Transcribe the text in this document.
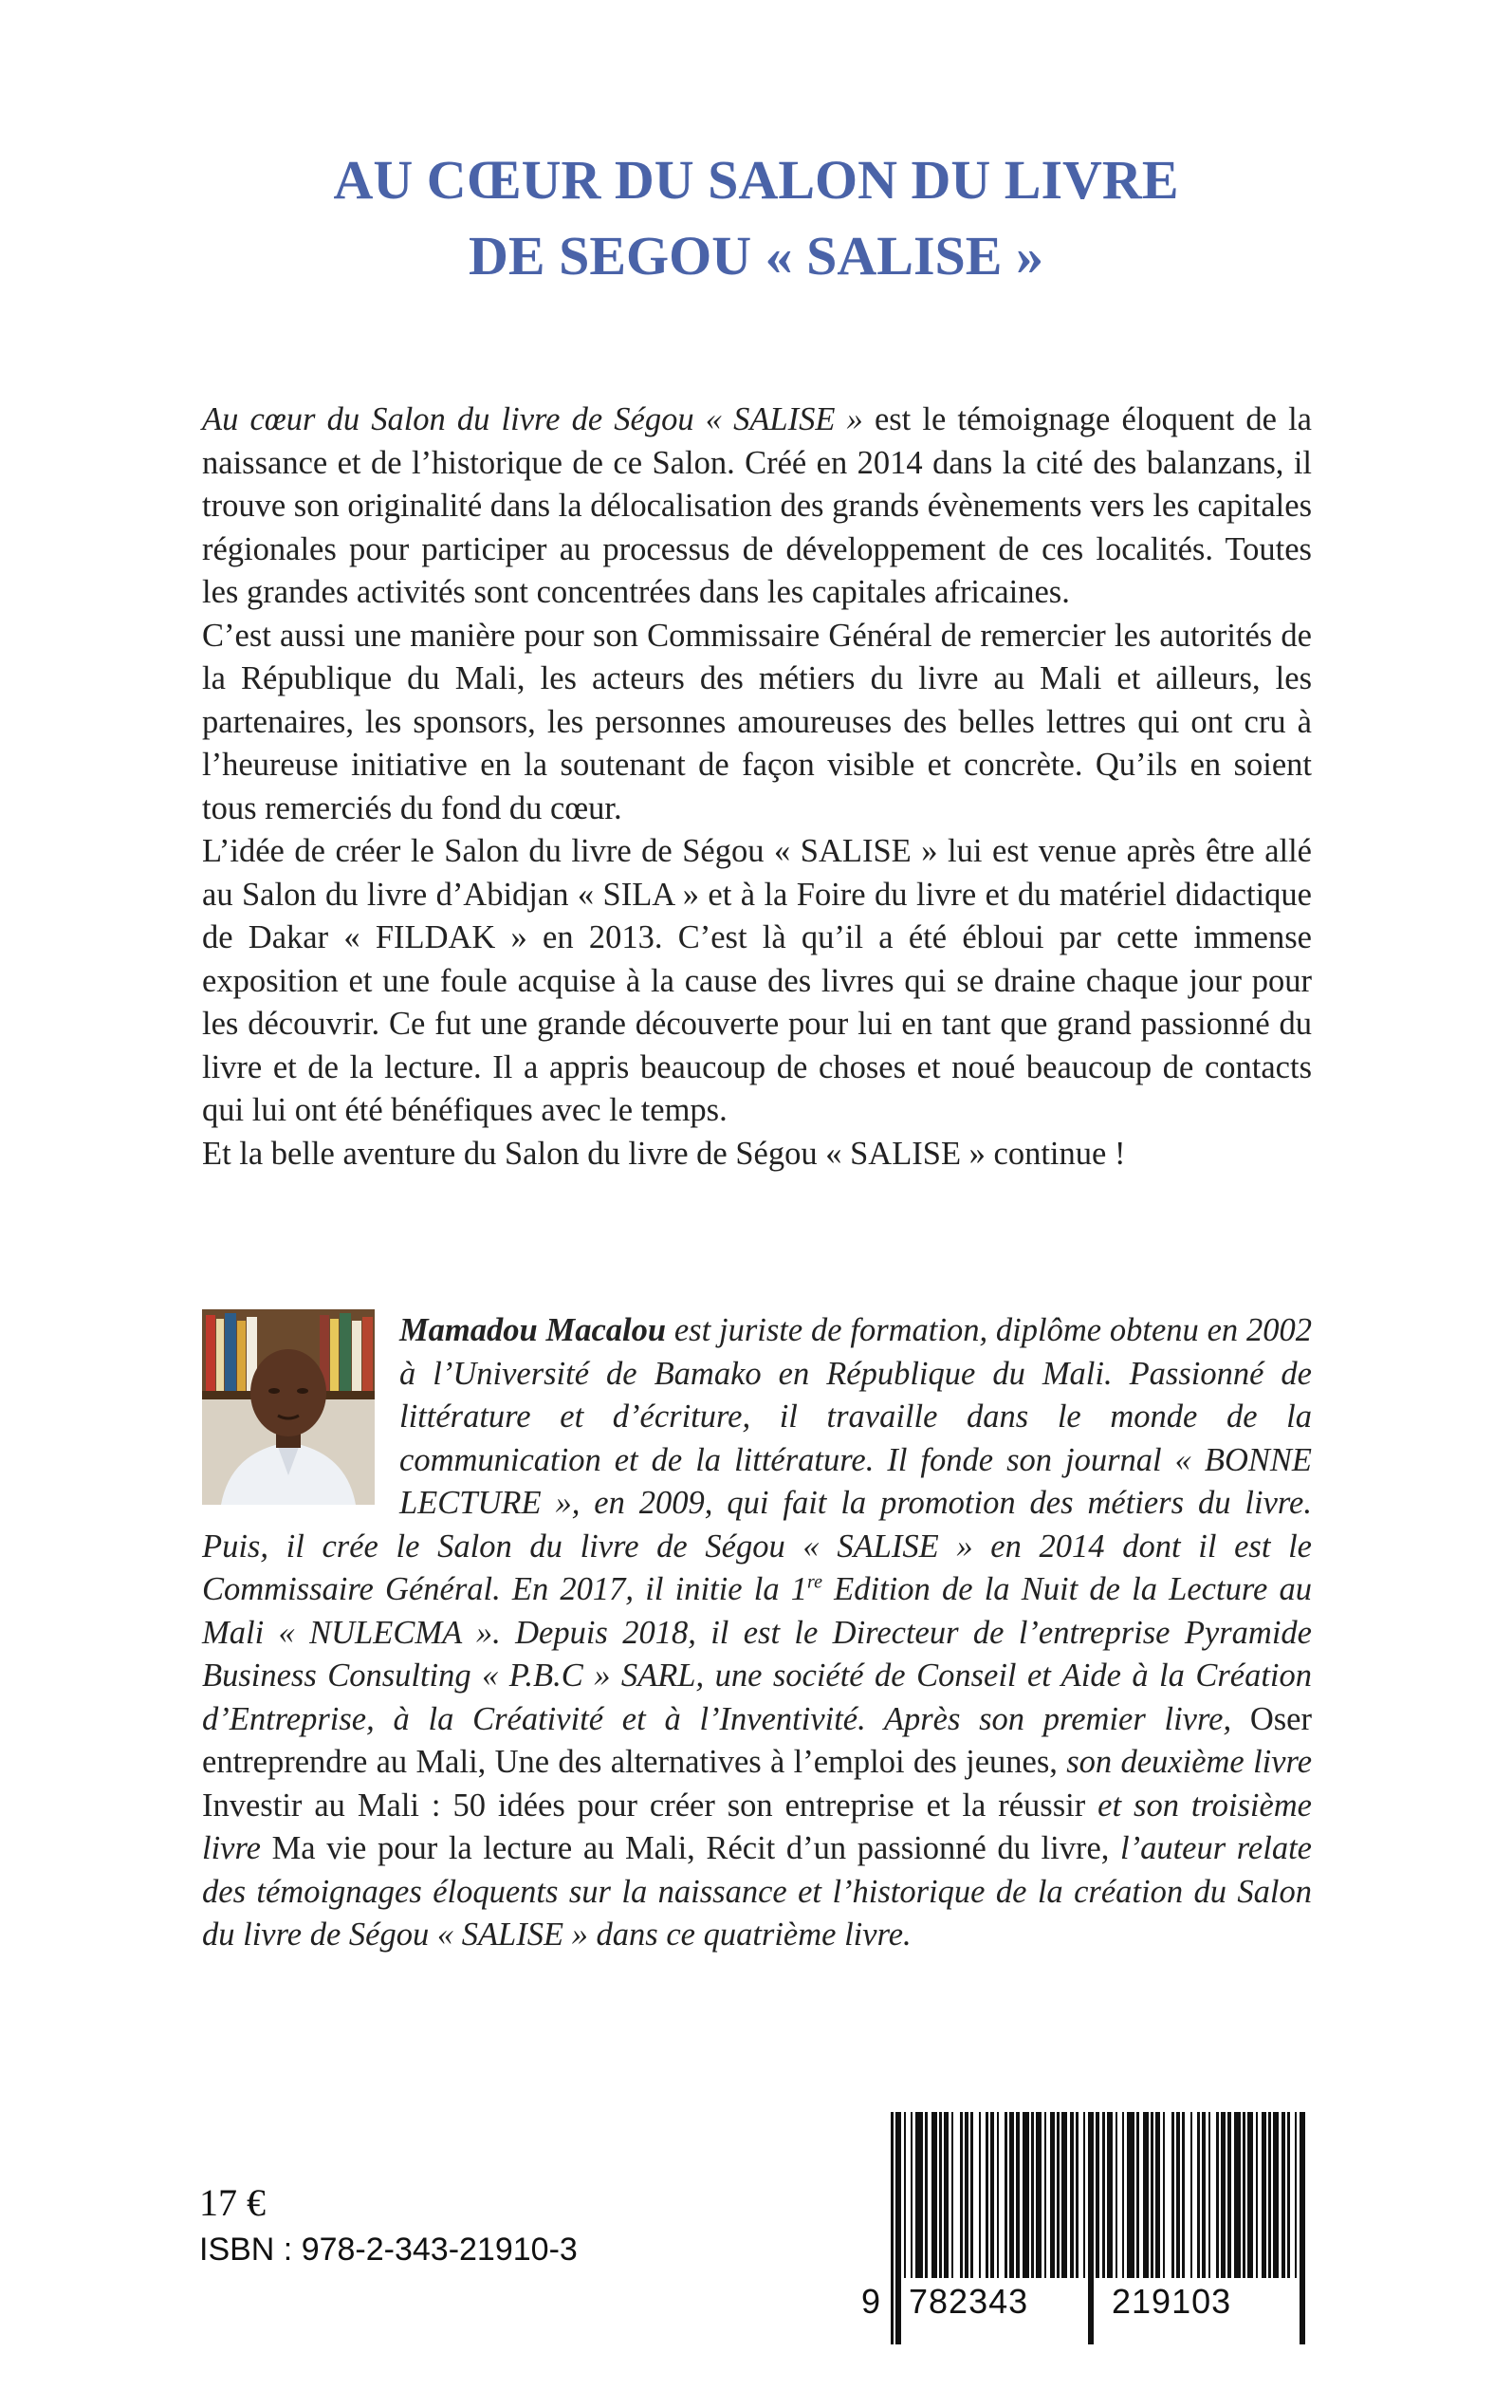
AU CŒUR DU SALON DU LIVRE
DE SEGOU « SALISE »

Au cœur du Salon du livre de Ségou « SALISE » est le témoignage éloquent de la naissance et de l’historique de ce Salon. Créé en 2014 dans la cité des balanzans, il trouve son originalité dans la délocalisation des grands évènements vers les capitales régionales pour participer au processus de développement de ces localités. Toutes les grandes activités sont concentrées dans les capitales africaines.

C’est aussi une manière pour son Commissaire Général de remercier les autorités de la République du Mali, les acteurs des métiers du livre au Mali et ailleurs, les partenaires, les sponsors, les personnes amoureuses des belles lettres qui ont cru à l’heureuse initiative en la soutenant de façon visible et concrète. Qu’ils en soient tous remerciés du fond du cœur.

L’idée de créer le Salon du livre de Ségou « SALISE » lui est venue après être allé au Salon du livre d’Abidjan « SILA » et à la Foire du livre et du matériel didactique de Dakar « FILDAK » en 2013. C’est là qu’il a été ébloui par cette immense exposition et une foule acquise à la cause des livres qui se draine chaque jour pour les découvrir. Ce fut une grande découverte pour lui en tant que grand passionné du livre et de la lecture. Il a appris beaucoup de choses et noué beaucoup de contacts qui lui ont été bénéfiques avec le temps.

Et la belle aventure du Salon du livre de Ségou « SALISE » continue !

Mamadou Macalou est juriste de formation, diplôme obtenu en 2002 à l’Université de Bamako en République du Mali. Passionné de littérature et d’écriture, il travaille dans le monde de la communication et de la littérature. Il fonde son journal « BONNE LECTURE », en 2009, qui fait la promotion des métiers du livre. Puis, il crée le Salon du livre de Ségou « SALISE » en 2014 dont il est le Commissaire Général. En 2017, il initie la 1re Edition de la Nuit de la Lecture au Mali « NULECMA ». Depuis 2018, il est le Directeur de l’entreprise Pyramide Business Consulting « P.B.C » SARL, une société de Conseil et Aide à la Création d’Entreprise, à la Créativité et à l’Inventivité. Après son premier livre, Oser entreprendre au Mali, Une des alternatives à l’emploi des jeunes, son deuxième livre Investir au Mali : 50 idées pour créer son entreprise et la réussir et son troisième livre Ma vie pour la lecture au Mali, Récit d’un passionné du livre, l’auteur relate des témoignages éloquents sur la naissance et l’historique de la création du Salon du livre de Ségou « SALISE » dans ce quatrième livre.

17 €
ISBN : 978-2-343-21910-3
9 782343 219103
